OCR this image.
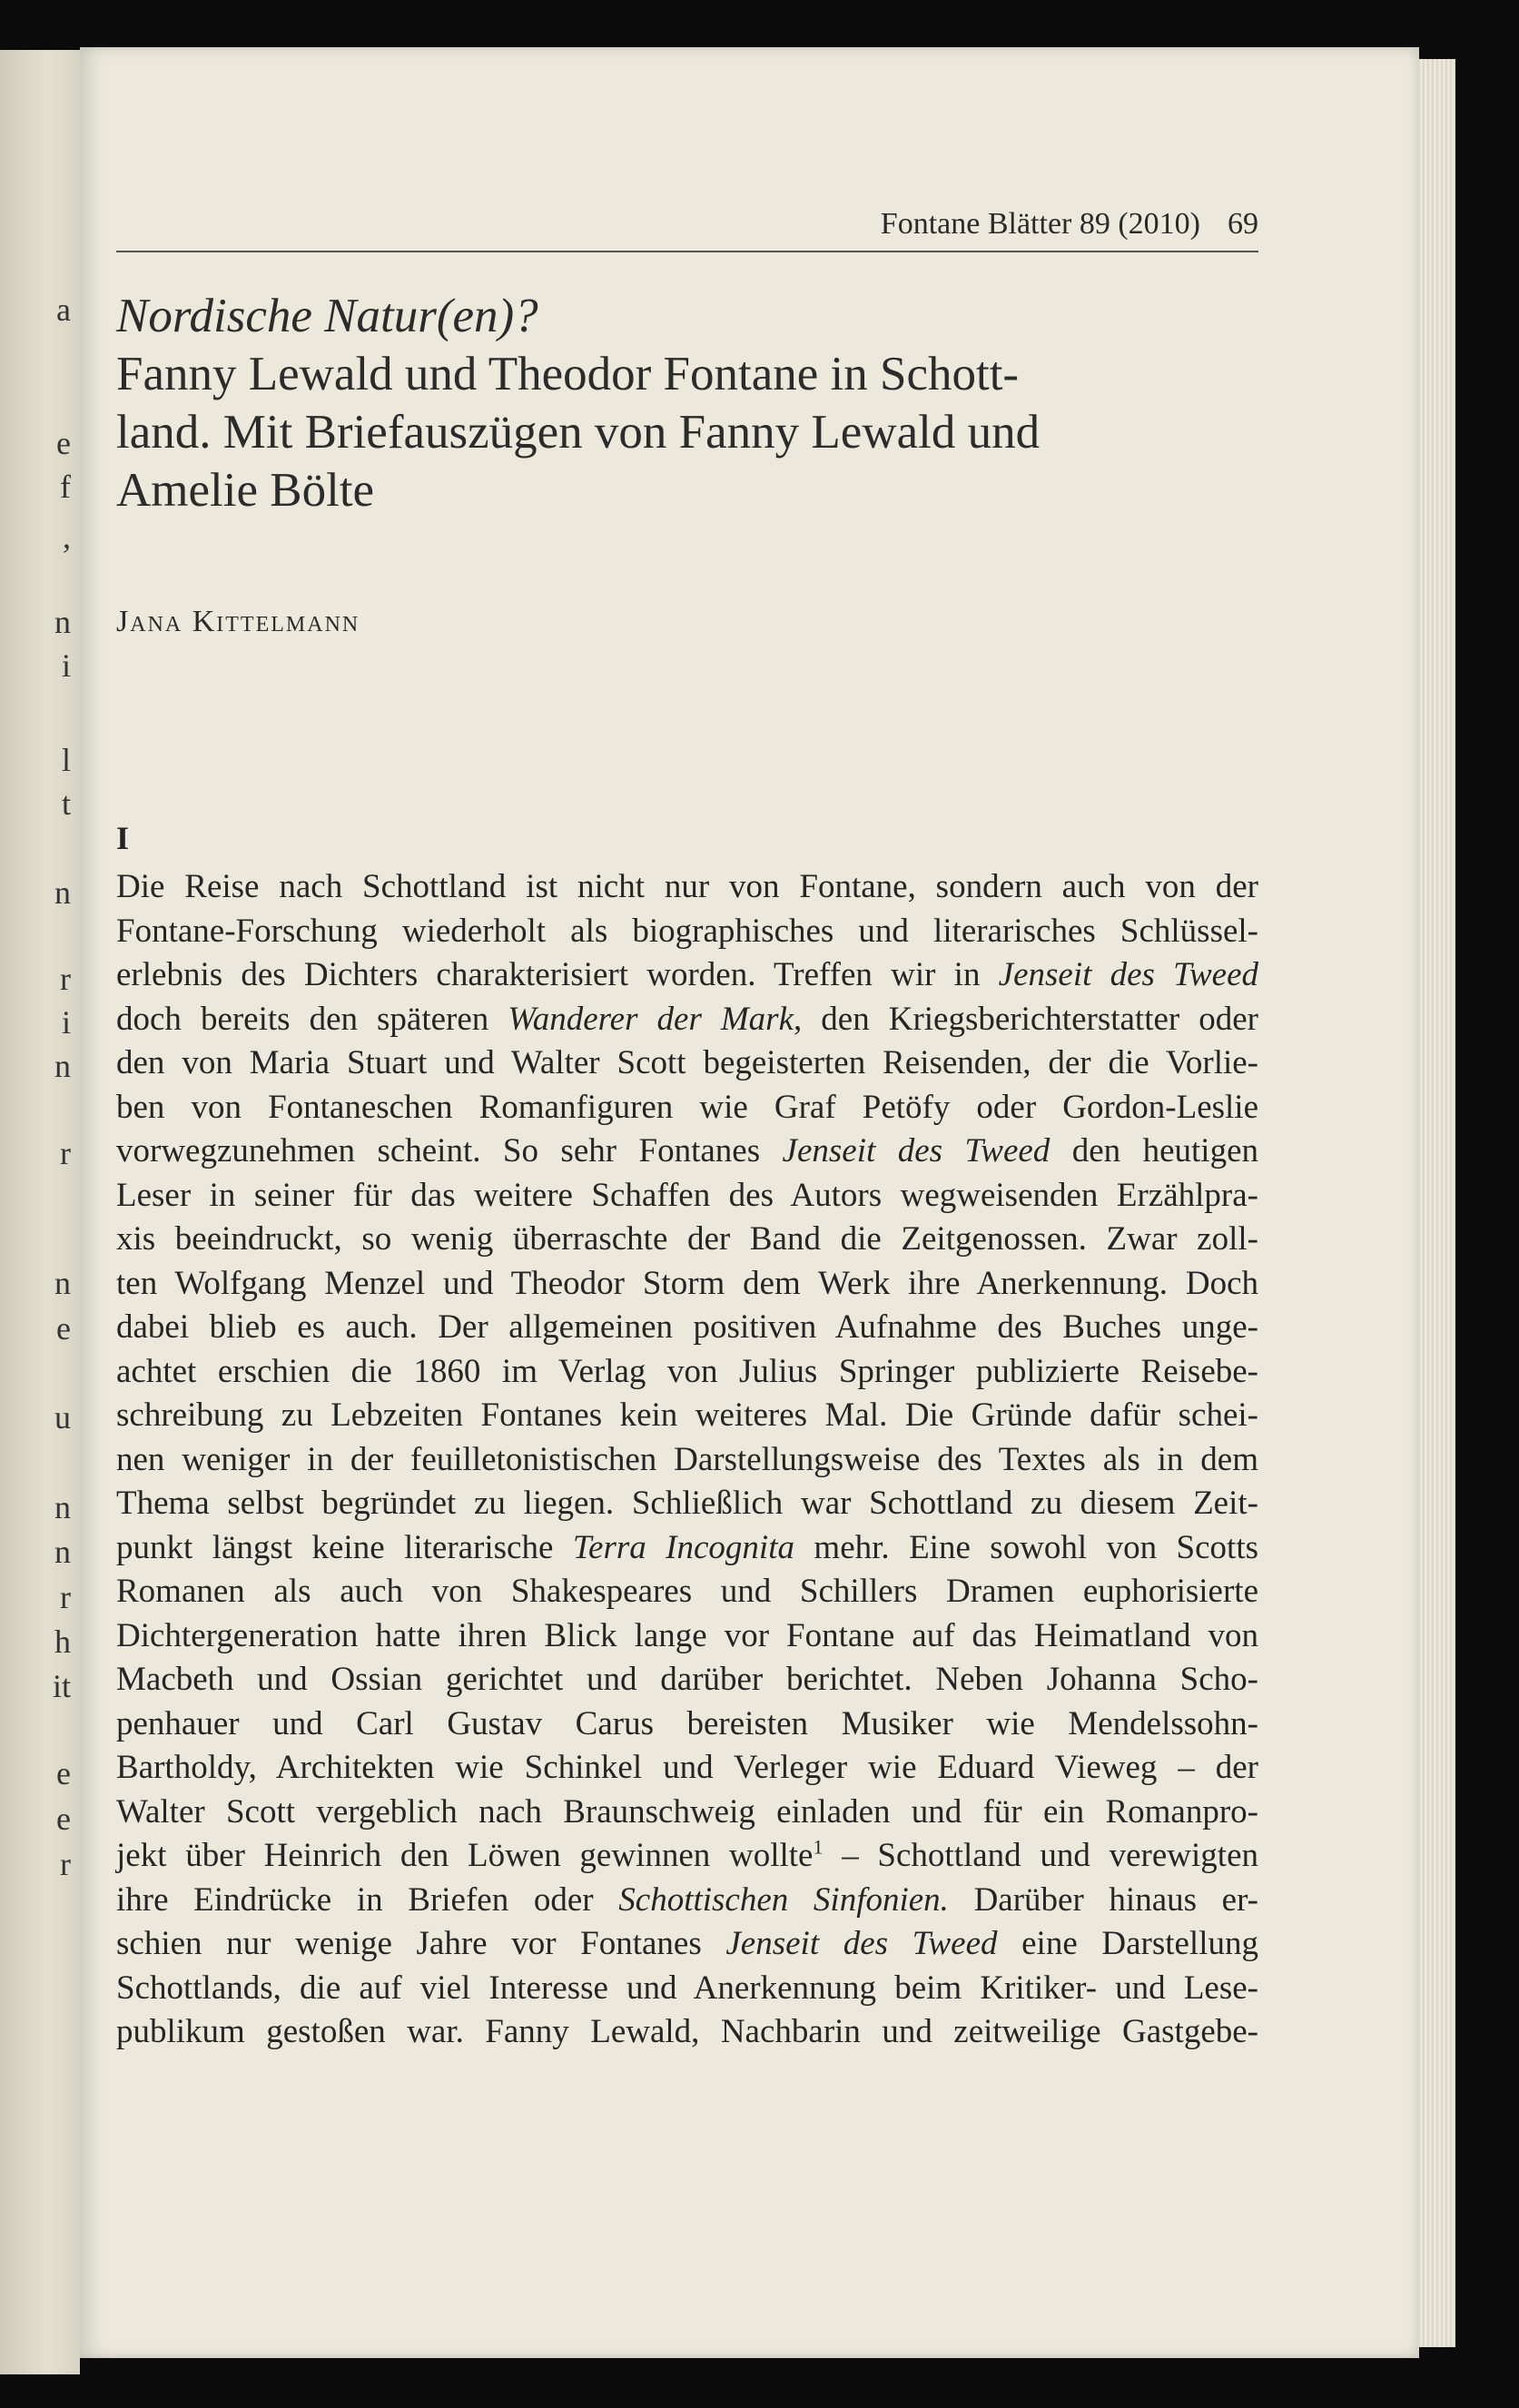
a
e
f
,
n
i
l
t
n
r
i
n
r
n
e
u
n
n
r
h
it
e
e
r
Fontane Blätter 89 (2010) 69
Nordische Natur(en)?
Fanny Lewald und Theodor Fontane in Schott-
land. Mit Briefauszügen von Fanny Lewald und
Amelie Bölte
Jana Kittelmann
I
Die Reise nach Schottland ist nicht nur von Fontane, sondern auch von der
Fontane-Forschung wiederholt als biographisches und literarisches Schlüssel-
erlebnis des Dichters charakterisiert worden. Treffen wir in Jenseit des Tweed
doch bereits den späteren Wanderer der Mark, den Kriegsberichterstatter oder
den von Maria Stuart und Walter Scott begeisterten Reisenden, der die Vorlie-
ben von Fontaneschen Romanfiguren wie Graf Petöfy oder Gordon-Leslie
vorwegzunehmen scheint. So sehr Fontanes Jenseit des Tweed den heutigen
Leser in seiner für das weitere Schaffen des Autors wegweisenden Erzählpra-
xis beeindruckt, so wenig überraschte der Band die Zeitgenossen. Zwar zoll-
ten Wolfgang Menzel und Theodor Storm dem Werk ihre Anerkennung. Doch
dabei blieb es auch. Der allgemeinen positiven Aufnahme des Buches unge-
achtet erschien die 1860 im Verlag von Julius Springer publizierte Reisebe-
schreibung zu Lebzeiten Fontanes kein weiteres Mal. Die Gründe dafür schei-
nen weniger in der feuilletonistischen Darstellungsweise des Textes als in dem
Thema selbst begründet zu liegen. Schließlich war Schottland zu diesem Zeit-
punkt längst keine literarische Terra Incognita mehr. Eine sowohl von Scotts
Romanen als auch von Shakespeares und Schillers Dramen euphorisierte
Dichtergeneration hatte ihren Blick lange vor Fontane auf das Heimatland von
Macbeth und Ossian gerichtet und darüber berichtet. Neben Johanna Scho-
penhauer und Carl Gustav Carus bereisten Musiker wie Mendelssohn-
Bartholdy, Architekten wie Schinkel und Verleger wie Eduard Vieweg – der
Walter Scott vergeblich nach Braunschweig einladen und für ein Romanpro-
jekt über Heinrich den Löwen gewinnen wollte$^1$ – Schottland und verewigten
ihre Eindrücke in Briefen oder Schottischen Sinfonien. Darüber hinaus er-
schien nur wenige Jahre vor Fontanes Jenseit des Tweed eine Darstellung
Schottlands, die auf viel Interesse und Anerkennung beim Kritiker- und Lese-
publikum gestoßen war. Fanny Lewald, Nachbarin und zeitweilige Gastgebe-
